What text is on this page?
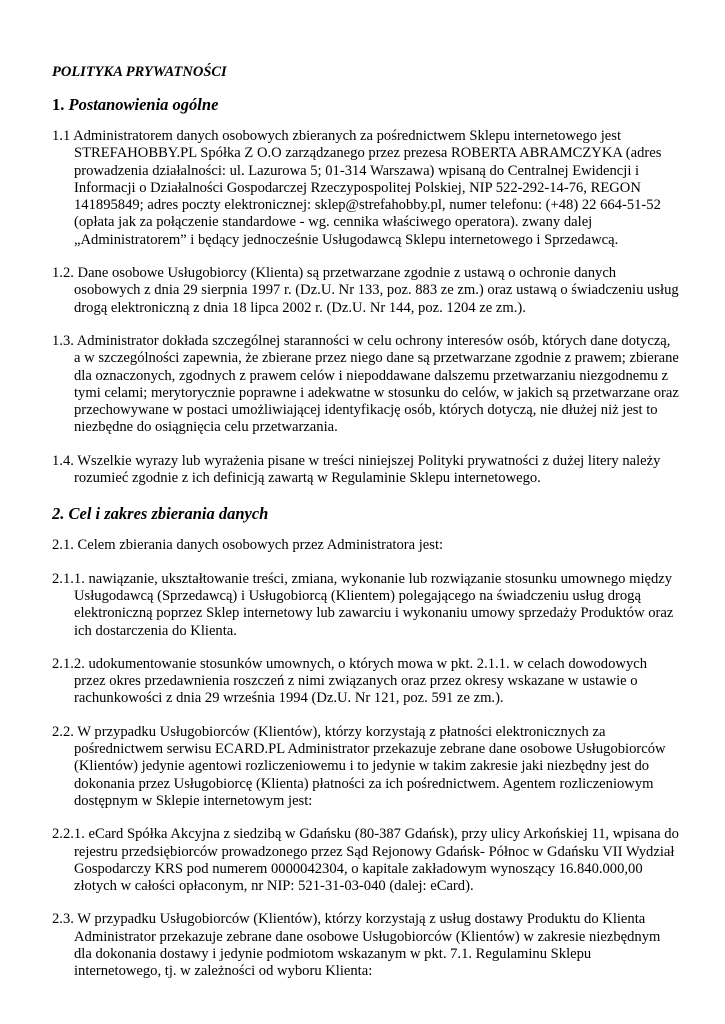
POLITYKA PRYWATNOŚCI
1. Postanowienia ogólne

1.1 Administratorem danych osobowych zbieranych za pośrednictwem Sklepu internetowego jest STREFAHOBBY.PL Spółka Z O.O zarządzanego przez prezesa ROBERTA ABRAMCZYKA (adres prowadzenia działalności: ul. Lazurowa 5; 01-314 Warszawa) wpisaną do Centralnej Ewidencji i Informacji o Działalności Gospodarczej Rzeczypospolitej Polskiej, NIP 522-292-14-76, REGON 141895849; adres poczty elektronicznej: sklep@strefahobby.pl, numer telefonu: (+48) 22 664-51-52 (opłata jak za połączenie standardowe - wg. cennika właściwego operatora). zwany dalej „Administratorem” i będący jednocześnie Usługodawcą Sklepu internetowego i Sprzedawcą.

1.2. Dane osobowe Usługobiorcy (Klienta) są przetwarzane zgodnie z ustawą o ochronie danych osobowych z dnia 29 sierpnia 1997 r. (Dz.U. Nr 133, poz. 883 ze zm.) oraz ustawą o świadczeniu usług drogą elektroniczną z dnia 18 lipca 2002 r. (Dz.U. Nr 144, poz. 1204 ze zm.).

1.3. Administrator dokłada szczególnej staranności w celu ochrony interesów osób, których dane dotyczą, a w szczególności zapewnia, że zbierane przez niego dane są przetwarzane zgodnie z prawem; zbierane dla oznaczonych, zgodnych z prawem celów i niepoddawane dalszemu przetwarzaniu niezgodnemu z tymi celami; merytorycznie poprawne i adekwatne w stosunku do celów, w jakich są przetwarzane oraz przechowywane w postaci umożliwiającej identyfikację osób, których dotyczą, nie dłużej niż jest to niezbędne do osiągnięcia celu przetwarzania.

1.4. Wszelkie wyrazy lub wyrażenia pisane w treści niniejszej Polityki prywatności z dużej litery należy rozumieć zgodnie z ich definicją zawartą w Regulaminie Sklepu internetowego.

2. Cel i zakres zbierania danych

2.1. Celem zbierania danych osobowych przez Administratora jest:

2.1.1. nawiązanie, ukształtowanie treści, zmiana, wykonanie lub rozwiązanie stosunku umownego między Usługodawcą (Sprzedawcą) i Usługobiorcą (Klientem) polegającego na świadczeniu usług drogą elektroniczną poprzez Sklep internetowy lub zawarciu i wykonaniu umowy sprzedaży Produktów oraz ich dostarczenia do Klienta.

2.1.2. udokumentowanie stosunków umownych, o których mowa w pkt. 2.1.1. w celach dowodowych przez okres przedawnienia roszczeń z nimi związanych oraz przez okresy wskazane w ustawie o rachunkowości z dnia 29 września 1994 (Dz.U. Nr 121, poz. 591 ze zm.).

2.2. W przypadku Usługobiorców (Klientów), którzy korzystają z płatności elektronicznych za pośrednictwem serwisu ECARD.PL Administrator przekazuje zebrane dane osobowe Usługobiorców (Klientów) jedynie agentowi rozliczeniowemu i to jedynie w takim zakresie jaki niezbędny jest do dokonania przez Usługobiorcę (Klienta) płatności za ich pośrednictwem. Agentem rozliczeniowym dostępnym w Sklepie internetowym jest:

2.2.1. eCard Spółka Akcyjna z siedzibą w Gdańsku (80-387 Gdańsk), przy ulicy Arkońskiej 11, wpisana do rejestru przedsiębiorców prowadzonego przez Sąd Rejonowy Gdańsk- Północ w Gdańsku VII Wydział Gospodarczy KRS pod numerem 0000042304, o kapitale zakładowym wynoszący 16.840.000,00 złotych w całości opłaconym, nr NIP: 521-31-03-040 (dalej: eCard).

2.3. W przypadku Usługobiorców (Klientów), którzy korzystają z usług dostawy Produktu do Klienta Administrator przekazuje zebrane dane osobowe Usługobiorców (Klientów) w zakresie niezbędnym dla dokonania dostawy i jedynie podmiotom wskazanym w pkt. 7.1. Regulaminu Sklepu internetowego, tj. w zależności od wyboru Klienta:
